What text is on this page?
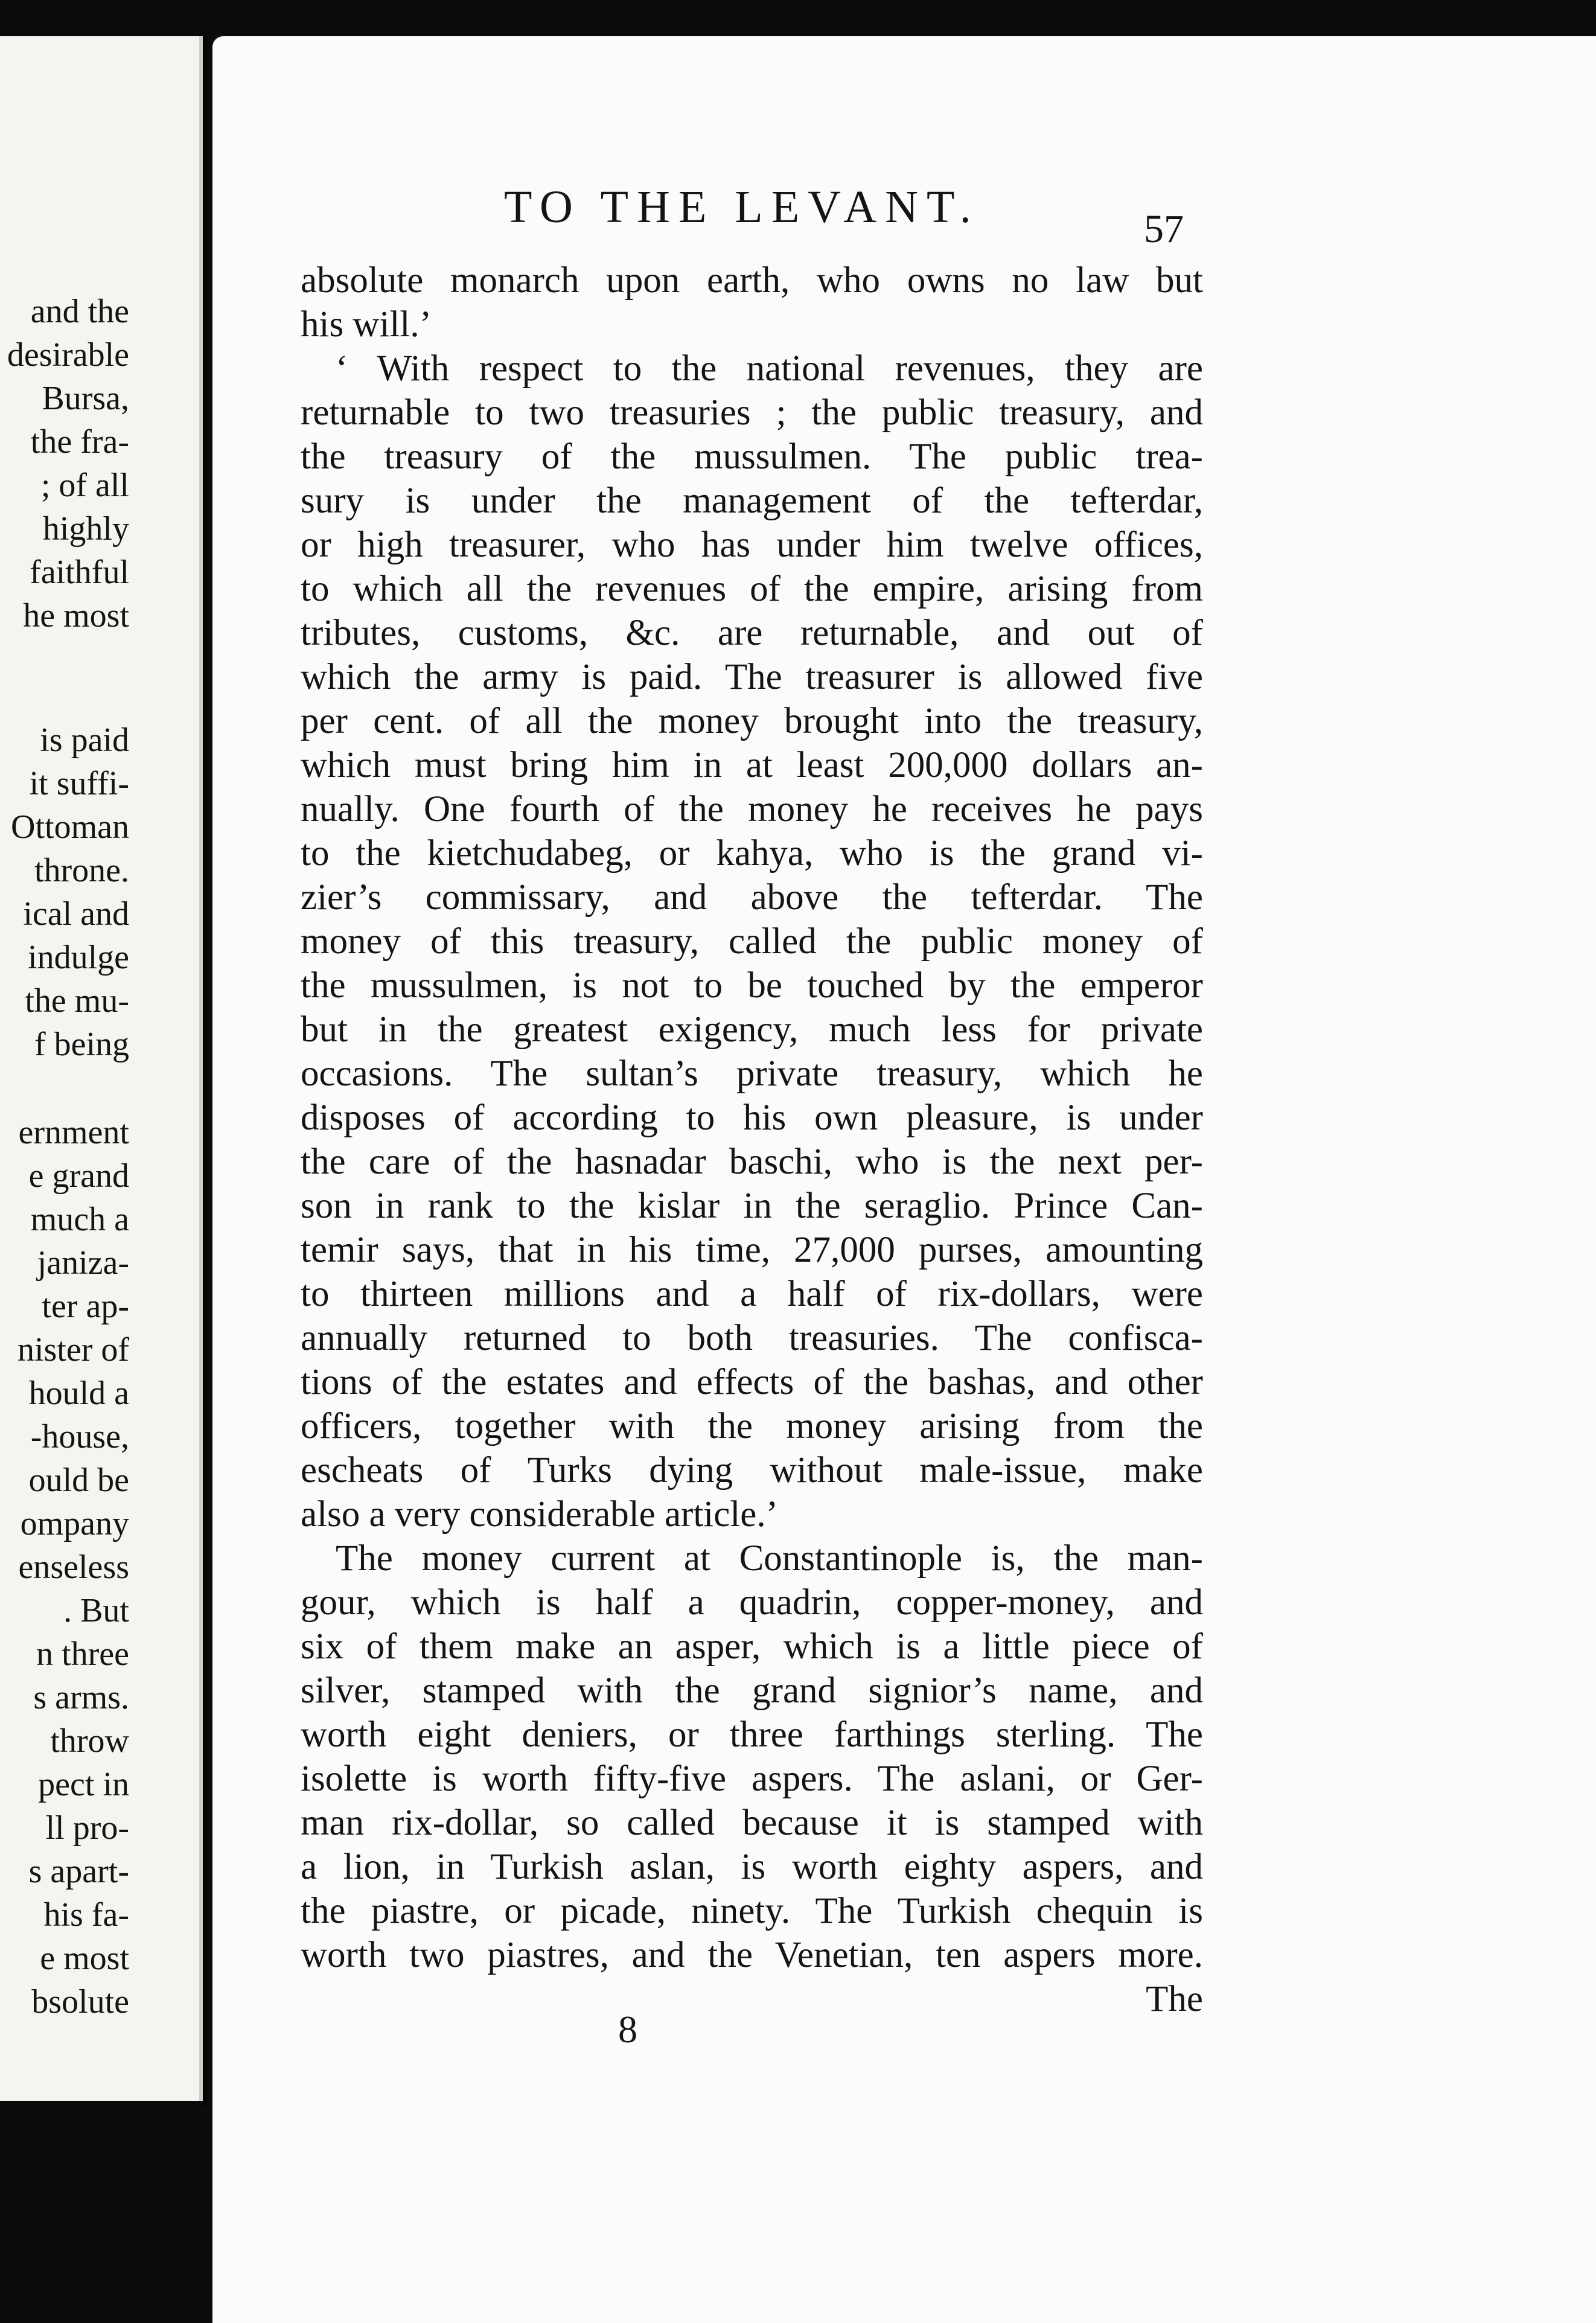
and the
desirable
Bursa,
the fra-
; of all
highly
faithful
he most
is paid
it suffi-
Ottoman
throne.
ical and
indulge
the mu-
f being
ernment
e grand
much a
janiza-
ter ap-
nister of
hould a
-house,
ould be
ompany
enseless
. But
n three
s arms.
throw
pect in
ll pro-
s apart-
his fa-
e most
bsolute
TO THE LEVANT.	57
absolute monarch upon earth, who owns no law but
his will.’
‘ With respect to the national revenues, they are
returnable to two treasuries ; the public treasury, and
the treasury of the mussulmen. The public trea-
sury is under the management of the tefterdar,
or high treasurer, who has under him twelve offices,
to which all the revenues of the empire, arising from
tributes, customs, &c. are returnable, and out of
which the army is paid. The treasurer is allowed five
per cent. of all the money brought into the treasury,
which must bring him in at least 200,000 dollars an-
nually. One fourth of the money he receives he pays
to the kietchudabeg, or kahya, who is the grand vi-
zier’s commissary, and above the tefterdar. The
money of this treasury, called the public money of
the mussulmen, is not to be touched by the emperor
but in the greatest exigency, much less for private
occasions. The sultan’s private treasury, which he
disposes of according to his own pleasure, is under
the care of the hasnadar baschi, who is the next per-
son in rank to the kislar in the seraglio. Prince Can-
temir says, that in his time, 27,000 purses, amounting
to thirteen millions and a half of rix-dollars, were
annually returned to both treasuries. The confisca-
tions of the estates and effects of the bashas, and other
officers, together with the money arising from the
escheats of Turks dying without male-issue, make
also a very considerable article.’
The money current at Constantinople is, the man-
gour, which is half a quadrin, copper-money, and
six of them make an asper, which is a little piece of
silver, stamped with the grand signior’s name, and
worth eight deniers, or three farthings sterling. The
isolette is worth fifty-five aspers. The aslani, or Ger-
man rix-dollar, so called because it is stamped with
a lion, in Turkish aslan, is worth eighty aspers, and
the piastre, or picade, ninety. The Turkish chequin is
worth two piastres, and the Venetian, ten aspers more.
The
8
